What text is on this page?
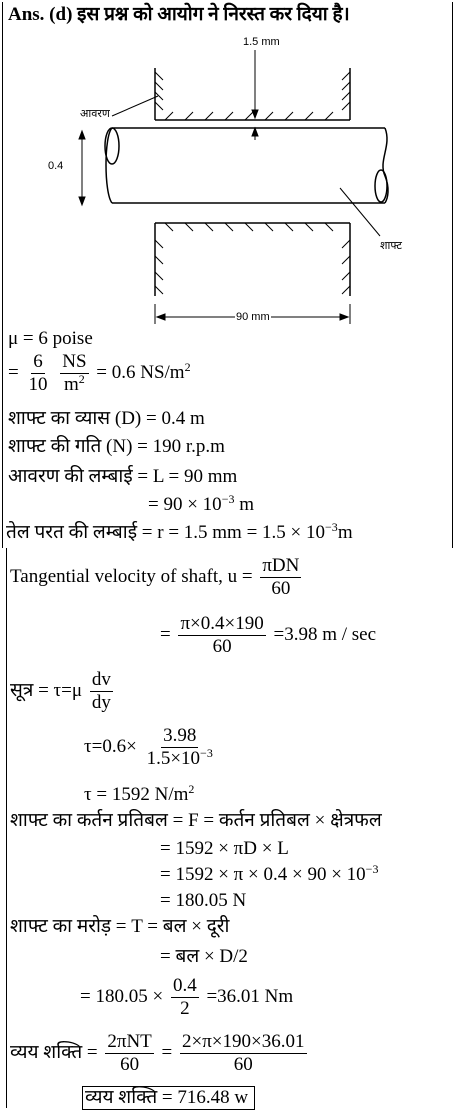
Ans. (d) इस प्रश्न को आयोग ने निरस्त कर दिया है।
1.5 mm
आवरण
0.4
शाफ्ट
90 mm
μ = 6 poise
= $\frac{6}{10}$
$\frac{NS}{m^2} = 0.6$ $NS/m^2$
शाफ्ट का व्यास (D) = 0.4 m
शाफ्ट की गति (N) = 190 r.p.m
आवरण की लम्बाई = L = 90 mm
= $90 \times 10^{-3}$ m
तेल परत की लम्बाई = r = 1.5 mm = $1.5 \times 10^{-3}m$
Tangential velocity of shaft, $u = \frac{\text{πDN}}{60}$
= $\frac{\pi\times 0.4\times 190}{60} =3.98$ m / sec
सूत्र = $\tau=\mu \frac{dv}{dy}$
$\tau=0.6\times \frac{3.98}{1.5\times 10^{-3}}$
τ = 1592 $N/m^2$
शाफ्ट का कर्तन प्रतिबल = F = कर्तन प्रतिबल × क्षेत्रफल
= 1592 × πD × L
= $1592 \times \pi \times 0.4 \times 90 \times 10^{-3}$
= 180.05 N
शाफ्ट का मरोड़ = T = बल × दूरी
= बल × D/2
= $180.05 \times \frac{0.4}{2} =36.01$ Nm
व्यय शक्ति = $\frac{\text{2πNT}}{60} = \frac{2\times\pi\times 190\times 36.01}{60}$
व्यय शक्ति = 716.48 w
